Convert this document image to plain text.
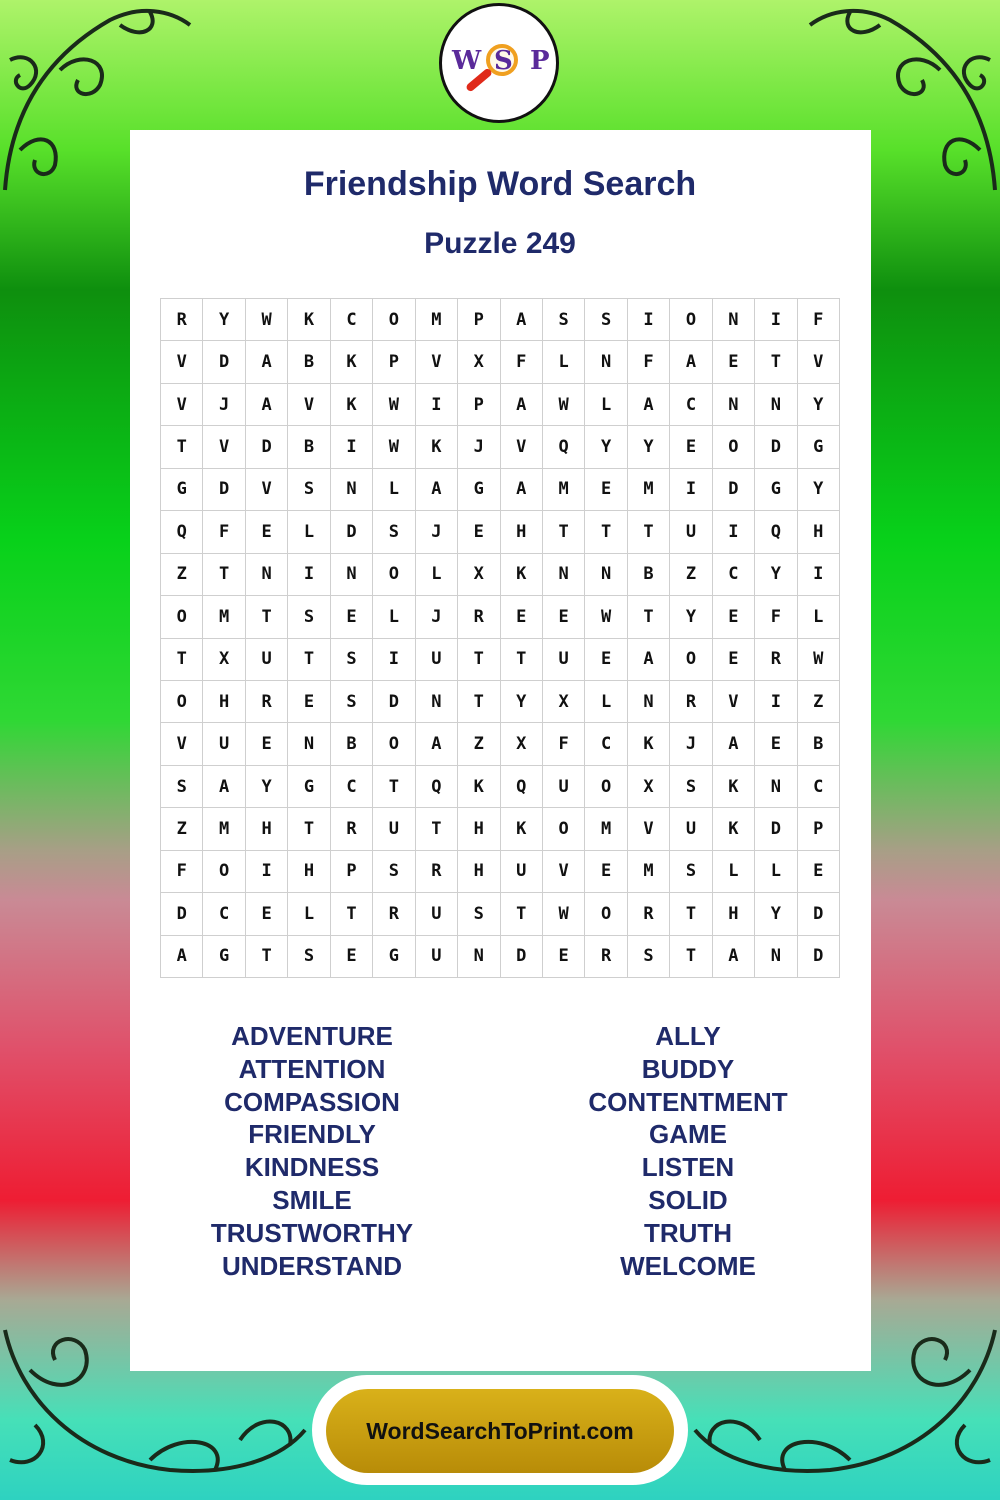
W S P
Friendship Word Search
Puzzle 249
R	Y	W	K	C	O	M	P	A	S	S	I	O	N	I	F
V	D	A	B	K	P	V	X	F	L	N	F	A	E	T	V
V	J	A	V	K	W	I	P	A	W	L	A	C	N	N	Y
T	V	D	B	I	W	K	J	V	Q	Y	Y	E	O	D	G
G	D	V	S	N	L	A	G	A	M	E	M	I	D	G	Y
Q	F	E	L	D	S	J	E	H	T	T	T	U	I	Q	H
Z	T	N	I	N	O	L	X	K	N	N	B	Z	C	Y	I
O	M	T	S	E	L	J	R	E	E	W	T	Y	E	F	L
T	X	U	T	S	I	U	T	T	U	E	A	O	E	R	W
O	H	R	E	S	D	N	T	Y	X	L	N	R	V	I	Z
V	U	E	N	B	O	A	Z	X	F	C	K	J	A	E	B
S	A	Y	G	C	T	Q	K	Q	U	O	X	S	K	N	C
Z	M	H	T	R	U	T	H	K	O	M	V	U	K	D	P
F	O	I	H	P	S	R	H	U	V	E	M	S	L	L	E
D	C	E	L	T	R	U	S	T	W	O	R	T	H	Y	D
A	G	T	S	E	G	U	N	D	E	R	S	T	A	N	D
ADVENTURE
ATTENTION
COMPASSION
FRIENDLY
KINDNESS
SMILE
TRUSTWORTHY
UNDERSTAND
ALLY
BUDDY
CONTENTMENT
GAME
LISTEN
SOLID
TRUTH
WELCOME
WordSearchToPrint.com
